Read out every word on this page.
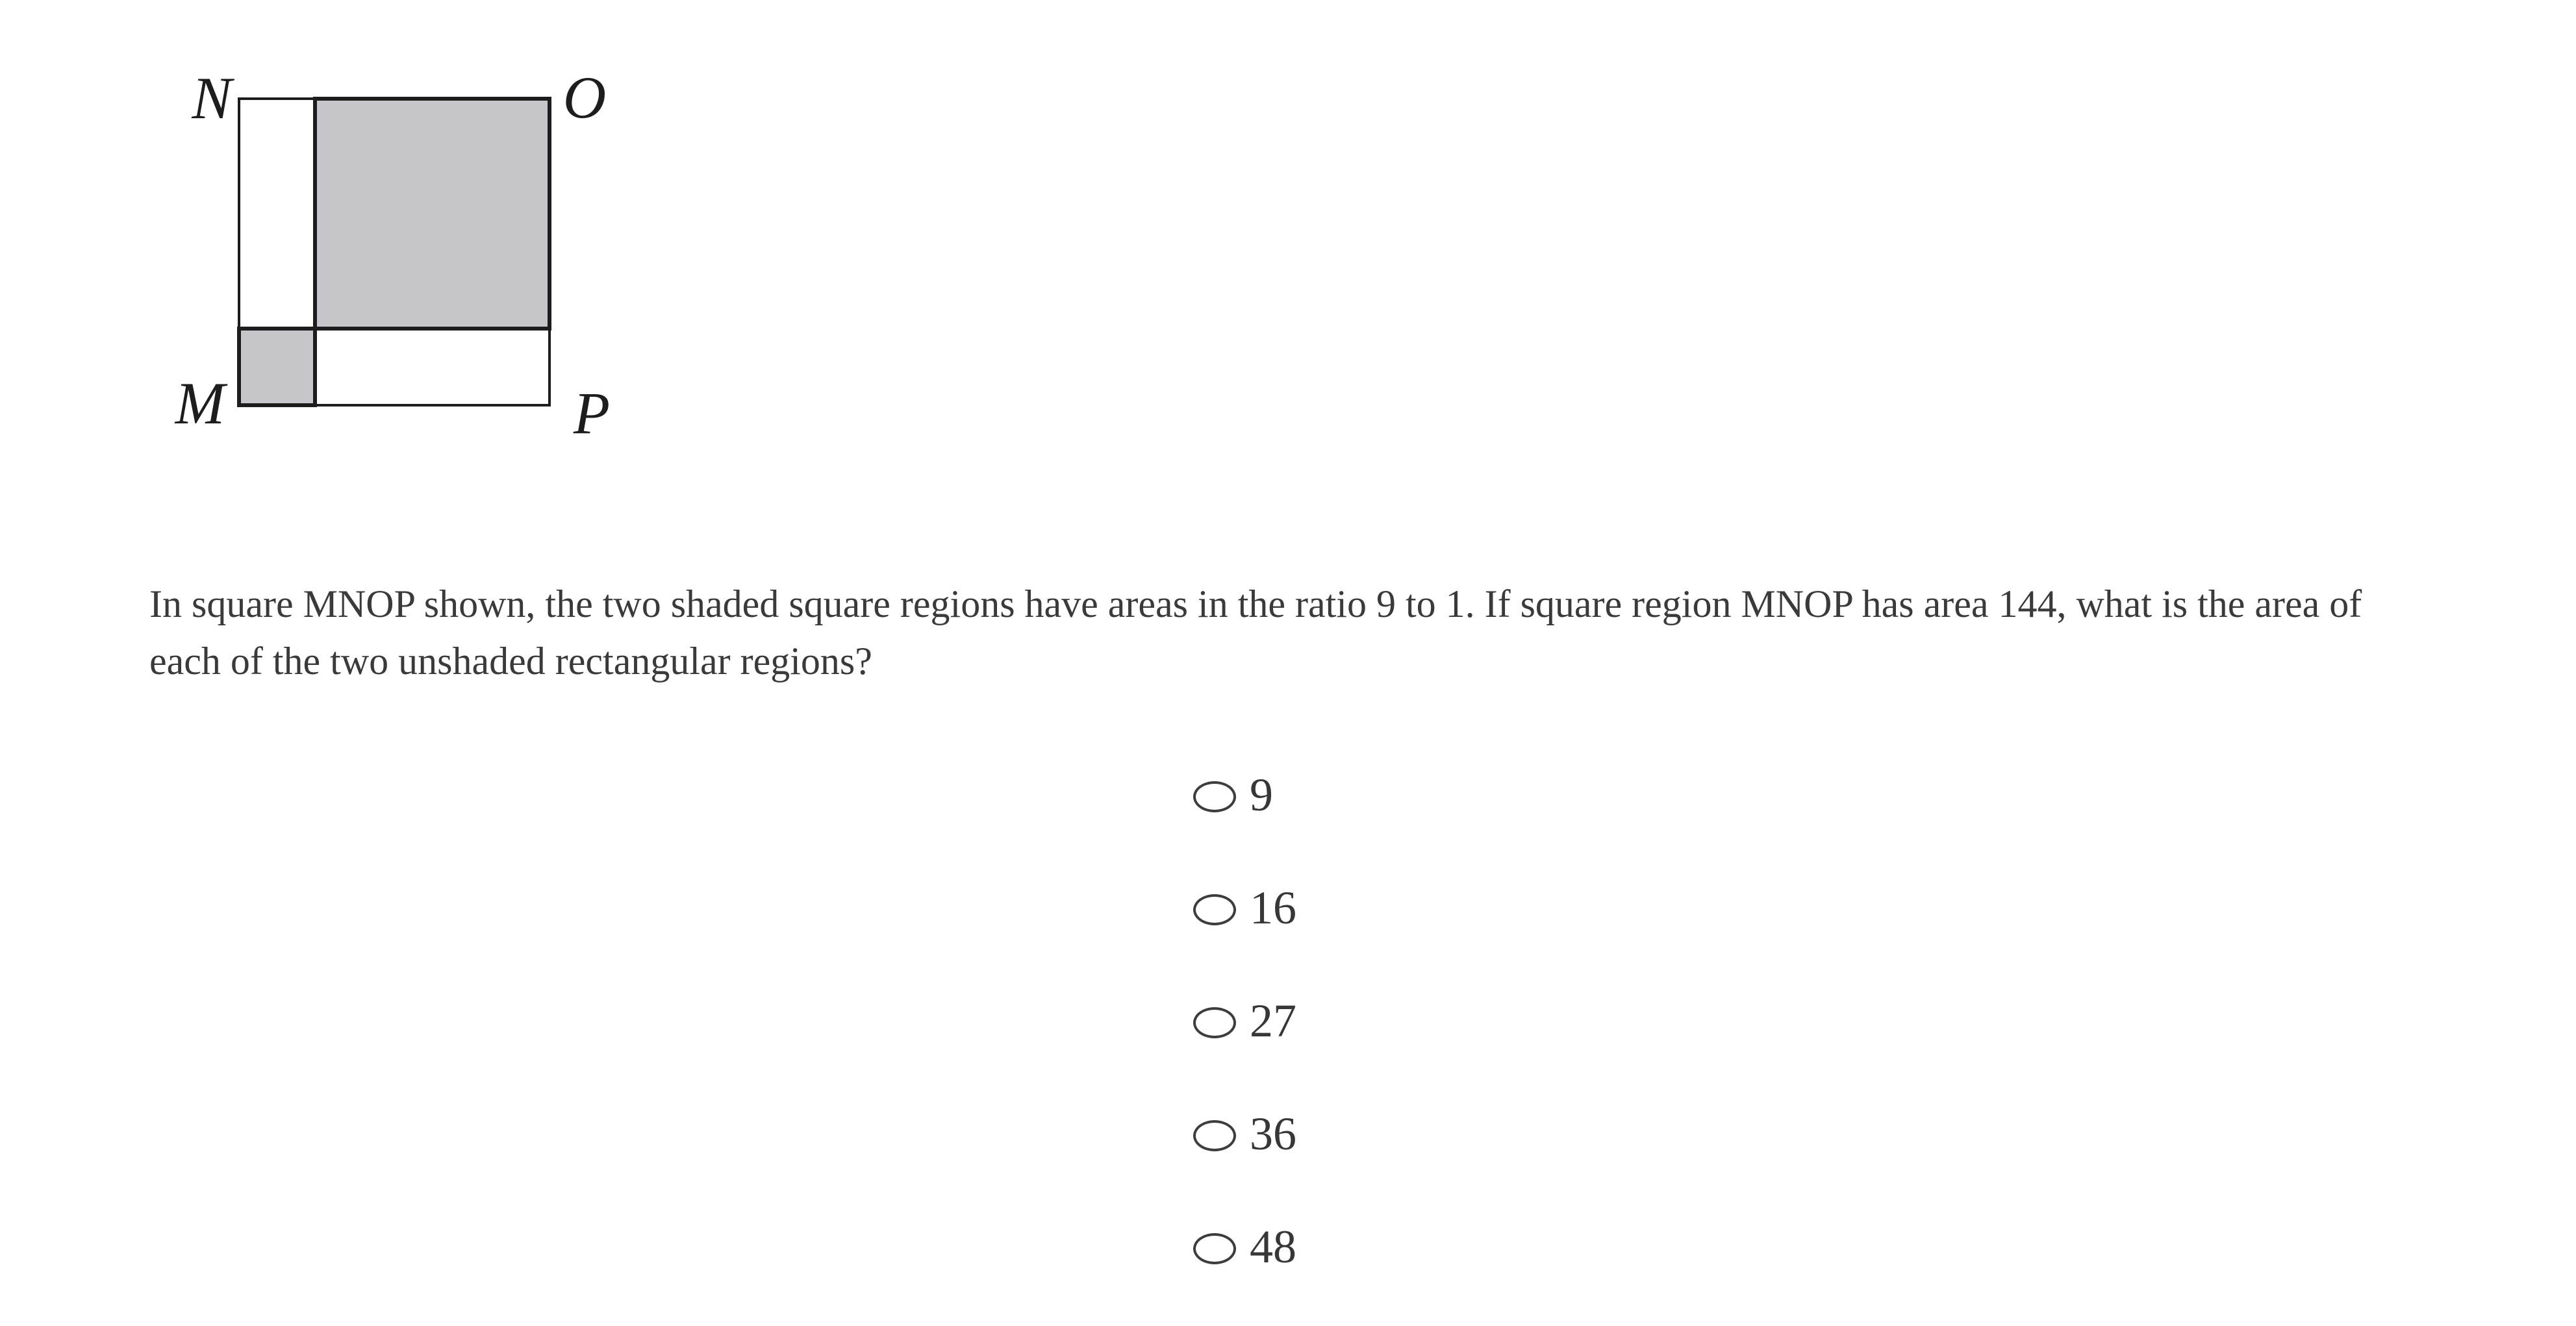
N	O
M	P
In square MNOP shown, the two shaded square regions have areas in the ratio 9 to 1. If square region MNOP has area 144, what is the area of each of the two unshaded rectangular regions?
9
16
27
36
48
